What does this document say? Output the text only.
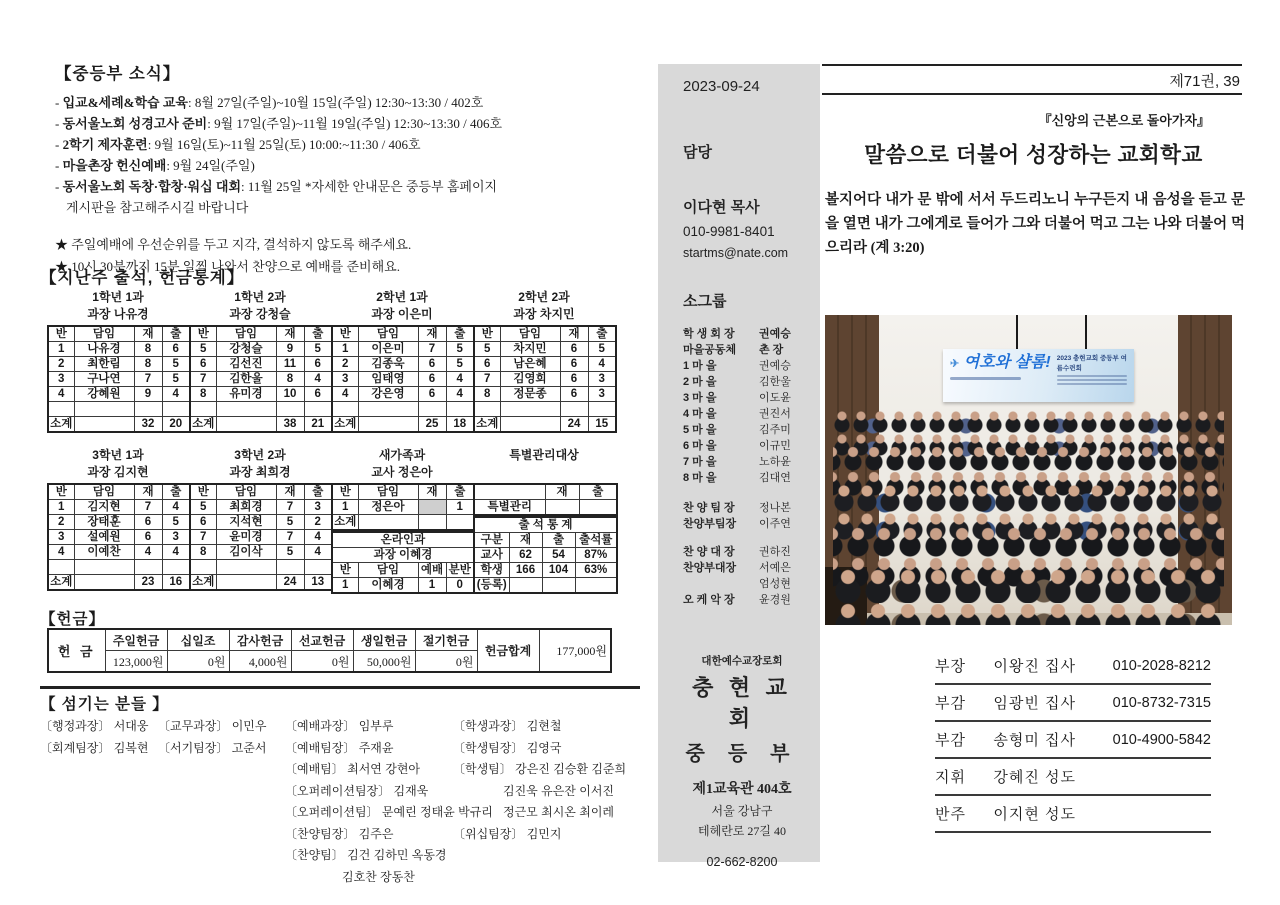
【중등부 소식】
- 입교&세례&학습 교육: 8월 27일(주일)~10월 15일(주일) 12:30~13:30 / 402호
- 동서울노회 성경고사 준비: 9월 17일(주일)~11월 19일(주일) 12:30~13:30 / 406호
- 2학기 제자훈련: 9월 16일(토)~11월 25일(토) 10:00:~11:30 / 406호
- 마을촌장 헌신예배: 9월 24일(주일)
- 동서울노회 독창·합창·워십 대회: 11월 25일 *자세한 안내문은 중등부 홈페이지
게시판을 참고해주시길 바랍니다
★ 주일예배에 우선순위를 두고 지각, 결석하지 않도록 해주세요.
★ 10시 30분까지 15분 일찍 나와서 찬양으로 예배를 준비해요.
【지난주 출석, 헌금통계】
1학년 1과
과장 나유경
반	담임	재	출
1	나유경	8	6
2	최한림	8	5
3	구나연	7	5
4	강혜원	9	4

소계		32	20
1학년 2과
과장 강청슬
반	담임	재	출
5	강청슬	9	5
6	김선진	11	6
7	김한울	8	4
8	유미경	10	6

소계		38	21
2학년 1과
과장 이은미
반	담임	재	출
1	이은미	7	5
2	김종욱	6	5
3	임태영	6	4
4	강은영	6	4

소계		25	18
2학년 2과
과장 차지민
반	담임	재	출
5	차지민	6	5
6	남은혜	6	4
7	김영희	6	3
8	정문종	6	3

소계		24	15
3학년 1과
과장 김지현
반	담임	재	출
1	김지현	7	4
2	장태훈	6	5
3	설예원	6	3
4	이예찬	4	4

소계		23	16
3학년 2과
과장 최희경
반	담임	재	출
5	최희경	7	3
6	지석현	5	2
7	윤미경	7	4
8	김이삭	5	4

소계		24	13
새가족과
교사 정은아
반	담임	재	출
1	정은아		1
소계			
온라인과			
과장 이혜경			
반	담임	예배	분반
1	이혜경	1	0
특별관리대상
	재	출
특별관리		
출 석 통 계			
구분	재	출	출석률
교사	62	54	87%
학생	166	104	63%
(등록)			
【헌금】
헌 금	주일헌금	십일조	감사헌금	선교헌금	생일헌금	절기헌금	헌금합계	177,000원
	123,000원	0원	4,000원	0원	50,000원	0원		
【 섬기는 분들 】
〔행정과장〕 서대웅
〔회계팀장〕 김복현
〔교무과장〕 이민우
〔서기팀장〕 고준서
〔예배과장〕 임부루
〔예배팀장〕 주재윤
〔예배팀〕 최서연 강현아
〔오퍼레이션팀장〕 김재욱
〔오퍼레이션팀〕 문예린 정태윤 박규리
〔찬양팀장〕 김주은
〔찬양팀〕 김건 김하민 옥동경
김호찬 장동찬
〔학생과장〕 김현철
〔학생팀장〕 김영국
〔학생팀〕 강은진 김승환 김준희
김진욱 유은잔 이서진
정근모 최시온 최이레
〔위십팀장〕 김민지
2023-09-24
담당
이다현 목사
010-9981-8401
startms@nate.com
소그룹
학 생 회 장	권예승
마을공동체	촌 장
1 마 을	권예승
2 마 을	김한울
3 마 을	이도윤
4 마 을	권진서
5 마 을	김주미
6 마 을	이규민
7 마 을	노하윤
8 마 을	김대연
찬 양 팀 장	정나본
찬양부팀장	이주연
찬 양 대 장	권하진
찬양부대장	서예은
	엄성현
오 케 악 장	윤경원
대한예수교장로회
충 현 교 회
중 등 부
제1교육관 404호
서울 강남구
테헤란로 27길 40
02-662-8200
제71권, 39
『신앙의 근본으로 돌아가자』
말씀으로 더불어 성장하는 교회학교
볼지어다 내가 문 밖에 서서 두드리노니 누구든지 내 음성을 듣고 문을 열면 내가 그에게로 들어가 그와 더불어 먹고 그는 나와 더불어 먹으리라 (계 3:20)
✈ 여호와 샬롬! 2023 충현교회 중등부 여름수련회
부장	이왕진 집사	010-2028-8212
부감	임광빈 집사	010-8732-7315
부감	송형미 집사	010-4900-5842
지휘	강혜진 성도	
반주	이지현 성도	
